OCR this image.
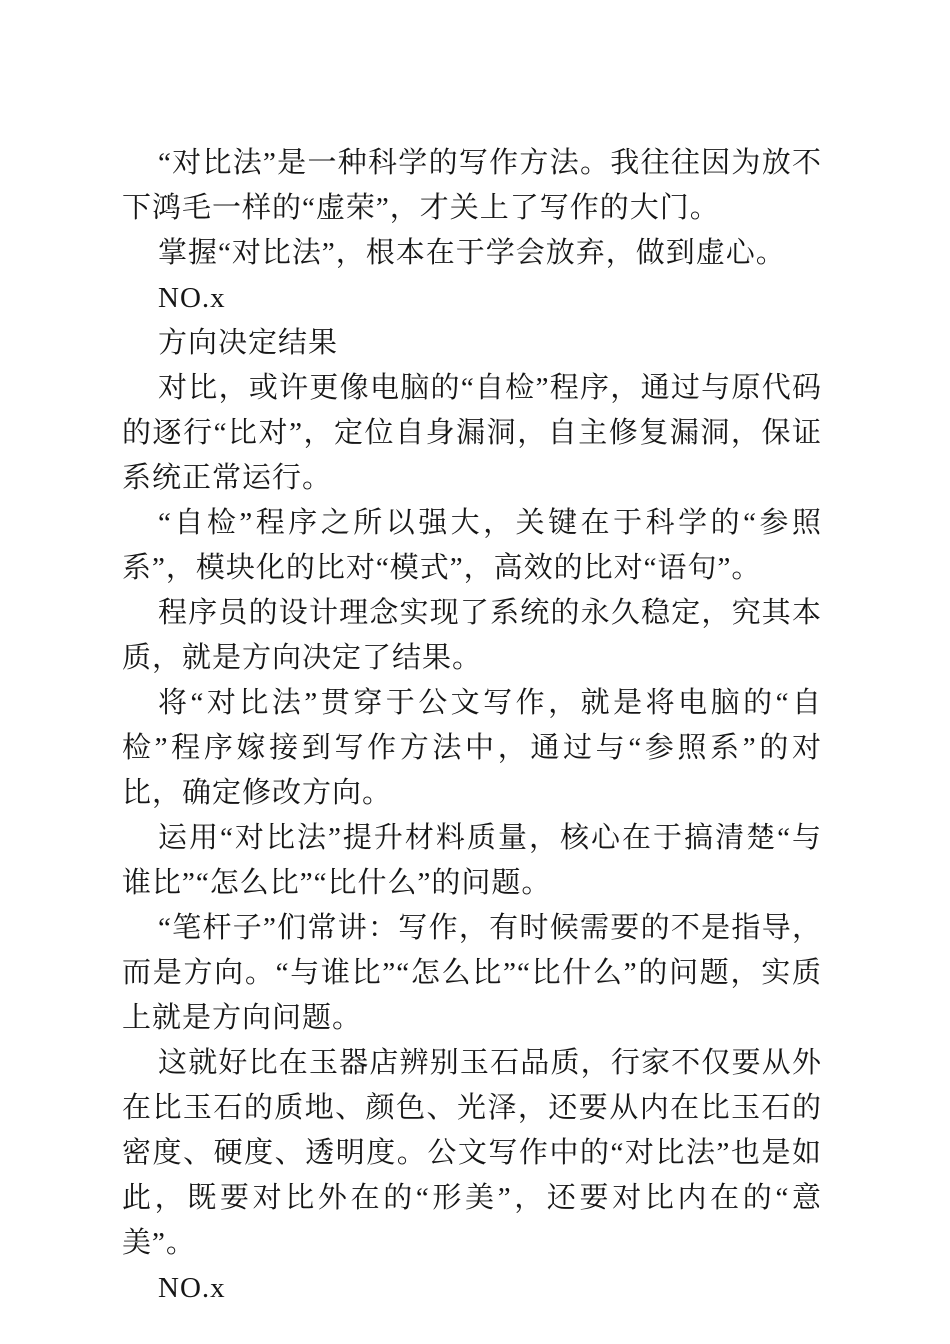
“对比法”是一种科学的写作方法。我往往因为放不下鸿毛一样的“虚荣”，才关上了写作的大门。

掌握“对比法”，根本在于学会放弃，做到虚心。

NO.x

方向决定结果

对比，或许更像电脑的“自检”程序，通过与原代码的逐行“比对”，定位自身漏洞，自主修复漏洞，保证系统正常运行。

“自检”程序之所以强大，关键在于科学的“参照系”，模块化的比对“模式”，高效的比对“语句”。

程序员的设计理念实现了系统的永久稳定，究其本质，就是方向决定了结果。

将“对比法”贯穿于公文写作，就是将电脑的“自检”程序嫁接到写作方法中，通过与“参照系”的对比，确定修改方向。

运用“对比法”提升材料质量，核心在于搞清楚“与谁比”“怎么比”“比什么”的问题。

“笔杆子”们常讲：写作，有时候需要的不是指导，而是方向。“与谁比”“怎么比”“比什么”的问题，实质上就是方向问题。

这就好比在玉器店辨别玉石品质，行家不仅要从外在比玉石的质地、颜色、光泽，还要从内在比玉石的密度、硬度、透明度。公文写作中的“对比法”也是如此，既要对比外在的“形美”，还要对比内在的“意美”。

NO.x
